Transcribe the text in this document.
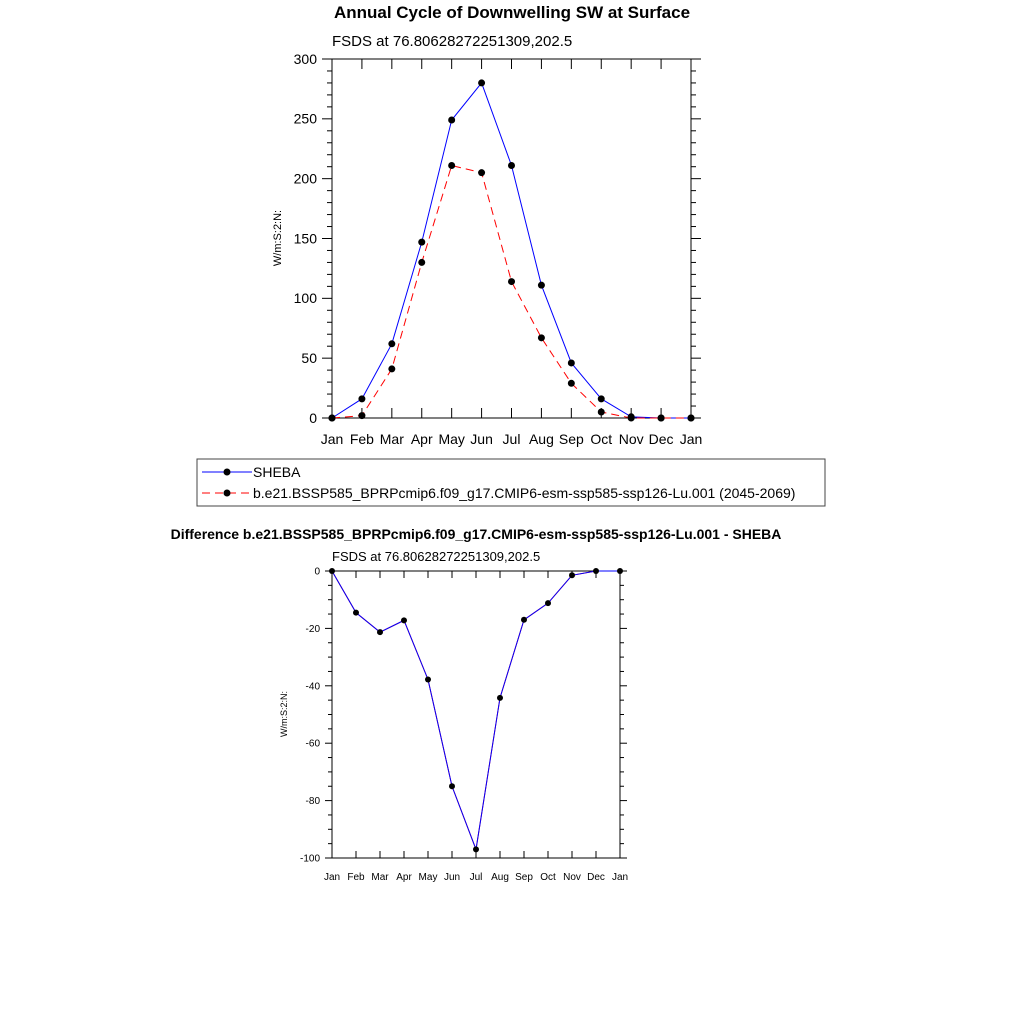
Annual Cycle of Downwelling SW at Surface
FSDS at 76.80628272251309,202.5
W/m:S:2:N:
Jan Feb Mar Apr May Jun Jul Aug Sep Oct Nov Dec Jan
0
50
100
150
200
250
300
SHEBA
b.e21.BSSP585_BPRPcmip6.f09_g17.CMIP6-esm-ssp585-ssp126-Lu.001 (2045-2069)
Difference b.e21.BSSP585_BPRPcmip6.f09_g17.CMIP6-esm-ssp585-ssp126-Lu.001 - SHEBA
FSDS at 76.80628272251309,202.5
W/m:S:2:N:
Jan Feb Mar Apr May Jun Jul Aug Sep Oct Nov Dec Jan
-100
-80
-60
-40
-20
0
